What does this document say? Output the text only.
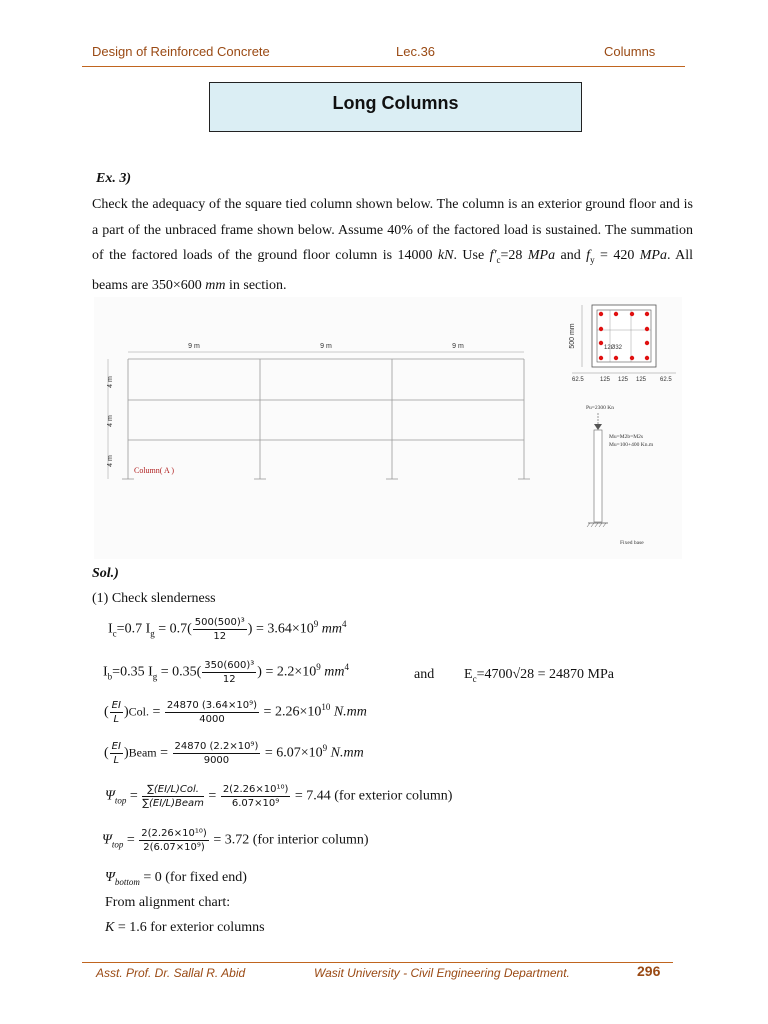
Design of Reinforced Concrete	Lec.36	Columns
Long Columns
Ex. 3)
Check the adequacy of the square tied column shown below. The column is an exterior ground floor and is a part of the unbraced frame shown below. Assume 40% of the factored load is sustained. The summation of the factored loads of the ground floor column is 14000 kN. Use $f'_c=28$ MPa and $f_y = 420$ MPa. All beams are 350×600 mm in section.
9 m	9 m	9 m
4 m
4 m
4 m
Column( A )
12Ø32
500 mm
62.5	125 125 125 62.5
Pu=2300 Kn
Mu=M2b=M2s
Mu=100+400 Kn.m
Fixed base
Sol.)
(1) Check slenderness
$I_c=0.7$ $I_g = 0.7( \frac{\text{500(500)³}}{12}$ ) = $3.64\times 10^9$ $mm^4$
$I_b=0.35$ $I_g = 0.35( \frac{\text{350(600)³}}{12}$ ) = $2.2\times 10^9$ $mm^4$	and $E_c=4700√28 = 24870$ MPa
( $\frac{EI}{L} )Col$. = $\frac{\text{24870 (3.64×10⁹)}}{4000} = 2.26\times 10^{10}$ N.mm
( $\frac{EI}{L}$ )Beam = $\frac{\text{24870 (2.2×10⁹)}}{9000} = 6.07\times 10^9$ N.mm
$\Psi_{top} = \frac{\text{∑(EI/L)Col.}}{\text{∑(EI/L)Beam}} = \frac{\text{2(2.26×10¹⁰)}}{\text{6.07×10⁹}} = 7.44$ (for exterior column)
$\Psi_{top} = \frac{\text{2(2.26×10¹⁰)}}{\text{2(6.07×10⁹)}} = 3.72$ (for interior column)
$\Psi_{bottom} = 0$ (for fixed end)
From alignment chart:
K = 1.6 for exterior columns
Asst. Prof. Dr. Sallal R. Abid	Wasit University - Civil Engineering Department.	296
